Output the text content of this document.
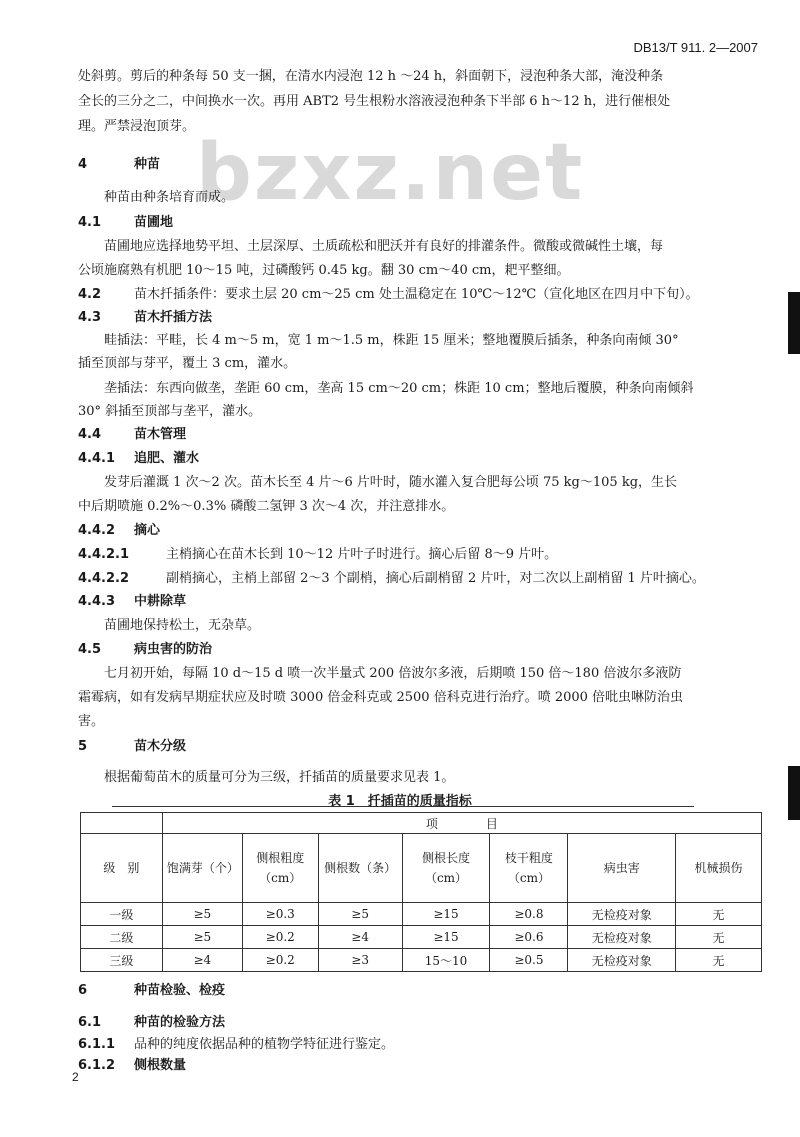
DB13/T 911. 2—2007
bzxz.net
处斜剪。剪后的种条每 50 支一捆，在清水内浸泡 12 h ～24 h，斜面朝下，浸泡种条大部，淹没种条
全长的三分之二，中间换水一次。再用 ABT2 号生根粉水溶液浸泡种条下半部 6 h～12 h，进行催根处
理。严禁浸泡顶芽。
4	种苗
种苗由种条培育而成。
4.1	苗圃地
苗圃地应选择地势平坦、土层深厚、土质疏松和肥沃并有良好的排灌条件。微酸或微碱性土壤，每
公顷施腐熟有机肥 10～15 吨，过磷酸钙 0.45 kg。翻 30 cm～40 cm，耙平整细。
4.2	苗木扦插条件：要求土层 20 cm～25 cm 处土温稳定在 10℃～12℃（宣化地区在四月中下旬）。
4.3	苗木扦插方法
畦插法：平畦，长 4 m～5 m，宽 1 m～1.5 m，株距 15 厘米；整地覆膜后插条，种条向南倾 30°
插至顶部与芽平，覆土 3 cm，灌水。
垄插法：东西向做垄，垄距 60 cm，垄高 15 cm～20 cm；株距 10 cm；整地后覆膜，种条向南倾斜
30° 斜插至顶部与垄平，灌水。
4.4	苗木管理
4.4.1 追肥、灌水
发芽后灌溉 1 次～2 次。苗木长至 4 片～6 片叶时，随水灌入复合肥每公顷 75 kg～105 kg，生长
中后期喷施 0.2%～0.3% 磷酸二氢钾 3 次～4 次，并注意排水。
4.4.2 摘心
4.4.2.1	主梢摘心在苗木长到 10～12 片叶子时进行。摘心后留 8～9 片叶。
4.4.2.2	副梢摘心，主梢上部留 2～3 个副梢，摘心后副梢留 2 片叶，对二次以上副梢留 1 片叶摘心。
4.4.3 中耕除草
苗圃地保持松土，无杂草。
4.5	病虫害的防治
七月初开始，每隔 10 d～15 d 喷一次半量式 200 倍波尔多液，后期喷 150 倍～180 倍波尔多液防
霜霉病，如有发病早期症状应及时喷 3000 倍金科克或 2500 倍科克进行治疗。喷 2000 倍吡虫啉防治虫
害。
5	苗木分级
根据葡萄苗木的质量可分为三级，扦插苗的质量要求见表 1。
表 1　扦插苗的质量指标
	项　　　　目						
级　别	饱满芽（个）	侧根粗度（cm）	侧根数（条）	侧根长度（cm）	枝干粗度（cm）	病虫害	机械损伤
一级	≥5	≥0.3	≥5	≥15	≥0.8	无检疫对象	无
二级	≥5	≥0.2	≥4	≥15	≥0.6	无检疫对象	无
三级	≥4	≥0.2	≥3	15～10	≥0.5	无检疫对象	无
6	种苗检验、检疫
6.1	种苗的检验方法
6.1.1 品种的纯度依据品种的植物学特征进行鉴定。
6.1.2 侧根数量
2
